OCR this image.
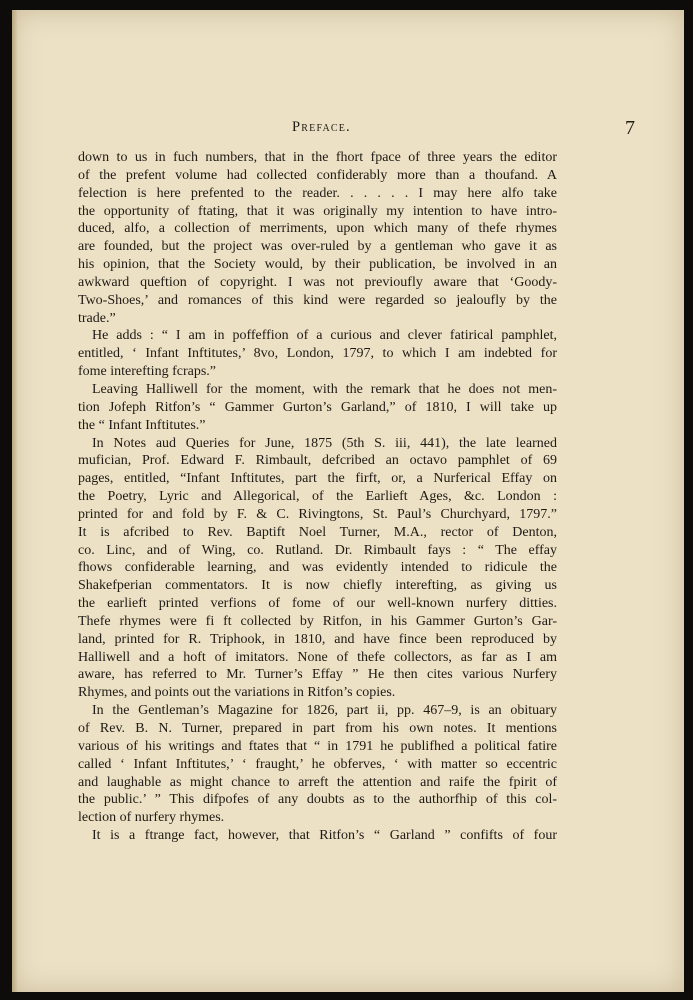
Preface.	7
down to us in fuch numbers, that in the fhort fpace of three years the editor
of the prefent volume had collected confiderably more than a thoufand. A
felection is here prefented to the reader. . . . . . I may here alfo take
the opportunity of ftating, that it was originally my intention to have intro-
duced, alfo, a collection of merriments, upon which many of thefe rhymes
are founded, but the project was over-ruled by a gentleman who gave it as
his opinion, that the Society would, by their publication, be involved in an
awkward queftion of copyright. I was not previoufly aware that ‘Goody-
Two-Shoes,’ and romances of this kind were regarded so jealoufly by the
trade.”
He adds : “ I am in poffeffion of a curious and clever fatirical pamphlet,
entitled, ‘ Infant Inftitutes,’ 8vo, London, 1797, to which I am indebted for
fome interefting fcraps.”
Leaving Halliwell for the moment, with the remark that he does not men-
tion Jofeph Ritfon’s “ Gammer Gurton’s Garland,” of 1810, I will take up
the “ Infant Inftitutes.”
In Notes aud Queries for June, 1875 (5th S. iii, 441), the late learned
mufician, Prof. Edward F. Rimbault, defcribed an octavo pamphlet of 69
pages, entitled, “Infant Inftitutes, part the firft, or, a Nurferical Effay on
the Poetry, Lyric and Allegorical, of the Earlieft Ages, &c. London :
printed for and fold by F. & C. Rivingtons, St. Paul’s Churchyard, 1797.”
It is afcribed to Rev. Baptift Noel Turner, M.A., rector of Denton,
co. Linc, and of Wing, co. Rutland. Dr. Rimbault fays : “ The effay
fhows confiderable learning, and was evidently intended to ridicule the
Shakefperian commentators. It is now chiefly interefting, as giving us
the earlieft printed verfions of fome of our well-known nurfery ditties.
Thefe rhymes were fi ft collected by Ritfon, in his Gammer Gurton’s Gar-
land, printed for R. Triphook, in 1810, and have fince been reproduced by
Halliwell and a hoft of imitators. None of thefe collectors, as far as I am
aware, has referred to Mr. Turner’s Effay ” He then cites various Nurfery
Rhymes, and points out the variations in Ritfon’s copies.
In the Gentleman’s Magazine for 1826, part ii, pp. 467–9, is an obituary
of Rev. B. N. Turner, prepared in part from his own notes. It mentions
various of his writings and ftates that “ in 1791 he publifhed a political fatire
called ‘ Infant Inftitutes,’ ‘ fraught,’ he obferves, ‘ with matter so eccentric
and laughable as might chance to arreft the attention and raife the fpirit of
the public.’ ” This difpofes of any doubts as to the authorfhip of this col-
lection of nurfery rhymes.
It is a ftrange fact, however, that Ritfon’s “ Garland ” confifts of four
